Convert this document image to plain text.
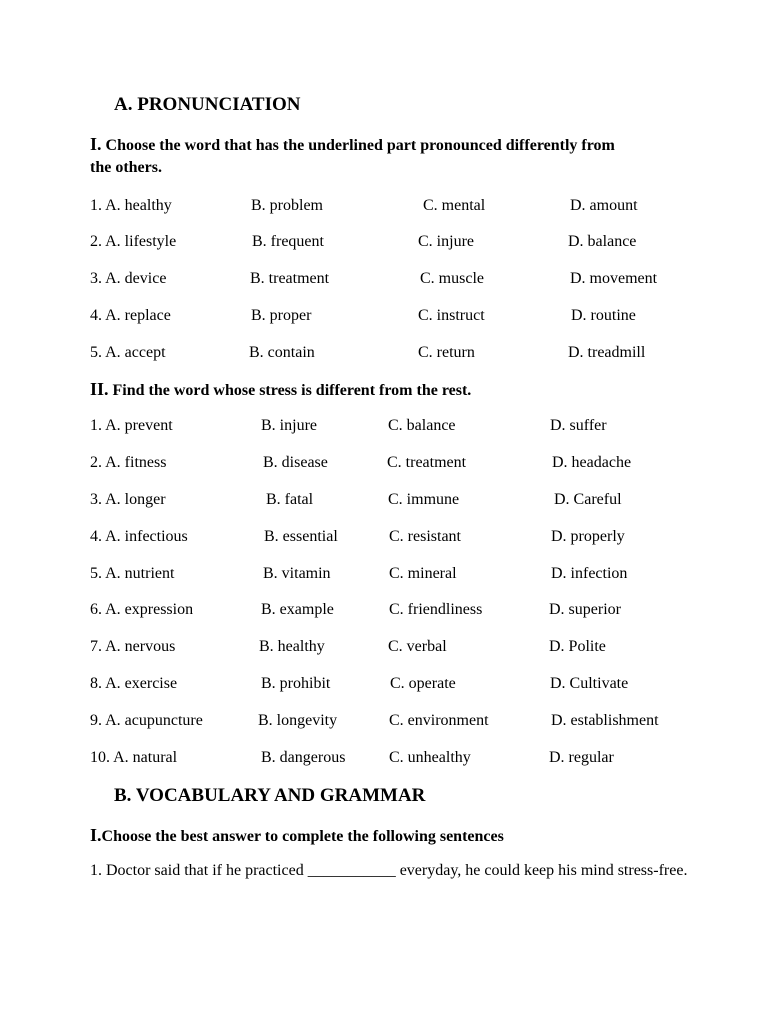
A. PRONUNCIATION
I. Choose the word that has the underlined part pronounced differently from
the others.
1. A. healthy	B. problem	C. mental	D. amount
2. A. lifestyle	B. frequent	C. injure	D. balance
3. A. device	B. treatment	C. muscle	D. movement
4. A. replace	B. proper	C. instruct	D. routine
5. A. accept	B. contain	C. return	D. treadmill
II. Find the word whose stress is different from the rest.
1. A. prevent	B. injure	C. balance	D. suffer
2. A. fitness	B. disease	C. treatment	D. headache
3. A. longer	B. fatal	C. immune	D. Careful
4. A. infectious	B. essential	C. resistant	D. properly
5. A. nutrient	B. vitamin	C. mineral	D. infection
6. A. expression	B. example	C. friendliness	D. superior
7. A. nervous	B. healthy	C. verbal	D. Polite
8. A. exercise	B. prohibit	C. operate	D. Cultivate
9. A. acupuncture	B. longevity	C. environment	D. establishment
10. A. natural	B. dangerous	C. unhealthy	D. regular
B. VOCABULARY AND GRAMMAR
I.Choose the best answer to complete the following sentences
1. Doctor said that if he practiced ___________ everyday, he could keep his mind stress-free.
